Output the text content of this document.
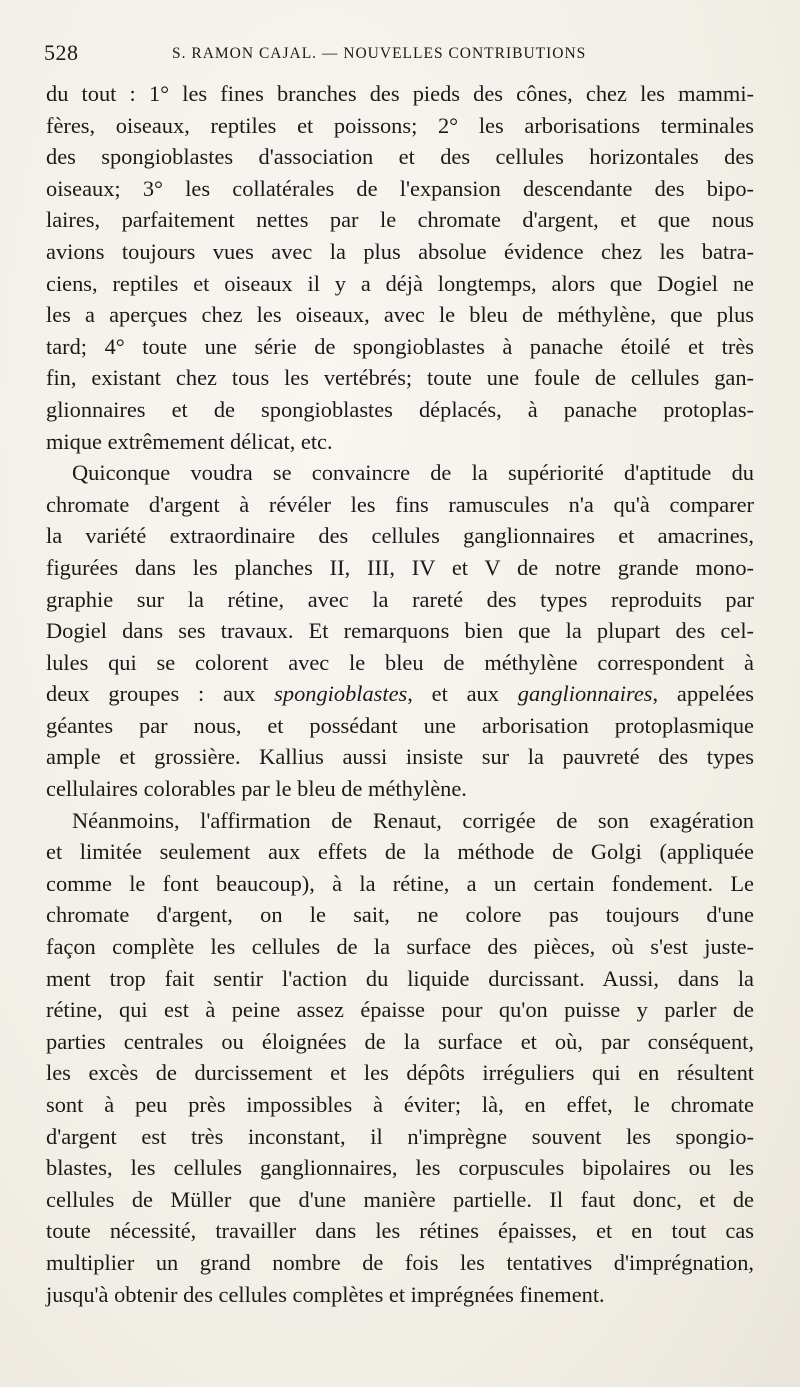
528	S. RAMON CAJAL. — NOUVELLES CONTRIBUTIONS
du tout : 1° les fines branches des pieds des cônes, chez les mammi-
fères, oiseaux, reptiles et poissons; 2° les arborisations terminales
des spongioblastes d'association et des cellules horizontales des
oiseaux; 3° les collatérales de l'expansion descendante des bipo-
laires, parfaitement nettes par le chromate d'argent, et que nous
avions toujours vues avec la plus absolue évidence chez les batra-
ciens, reptiles et oiseaux il y a déjà longtemps, alors que Dogiel ne
les a aperçues chez les oiseaux, avec le bleu de méthylène, que plus
tard; 4° toute une série de spongioblastes à panache étoilé et très
fin, existant chez tous les vertébrés; toute une foule de cellules gan-
glionnaires et de spongioblastes déplacés, à panache protoplas-
mique extrêmement délicat, etc.
Quiconque voudra se convaincre de la supériorité d'aptitude du
chromate d'argent à révéler les fins ramuscules n'a qu'à comparer
la variété extraordinaire des cellules ganglionnaires et amacrines,
figurées dans les planches II, III, IV et V de notre grande mono-
graphie sur la rétine, avec la rareté des types reproduits par
Dogiel dans ses travaux. Et remarquons bien que la plupart des cel-
lules qui se colorent avec le bleu de méthylène correspondent à
deux groupes : aux spongioblastes, et aux ganglionnaires, appelées
géantes par nous, et possédant une arborisation protoplasmique
ample et grossière. Kallius aussi insiste sur la pauvreté des types
cellulaires colorables par le bleu de méthylène.
Néanmoins, l'affirmation de Renaut, corrigée de son exagération
et limitée seulement aux effets de la méthode de Golgi (appliquée
comme le font beaucoup), à la rétine, a un certain fondement. Le
chromate d'argent, on le sait, ne colore pas toujours d'une
façon complète les cellules de la surface des pièces, où s'est juste-
ment trop fait sentir l'action du liquide durcissant. Aussi, dans la
rétine, qui est à peine assez épaisse pour qu'on puisse y parler de
parties centrales ou éloignées de la surface et où, par conséquent,
les excès de durcissement et les dépôts irréguliers qui en résultent
sont à peu près impossibles à éviter; là, en effet, le chromate
d'argent est très inconstant, il n'imprègne souvent les spongio-
blastes, les cellules ganglionnaires, les corpuscules bipolaires ou les
cellules de Müller que d'une manière partielle. Il faut donc, et de
toute nécessité, travailler dans les rétines épaisses, et en tout cas
multiplier un grand nombre de fois les tentatives d'imprégnation,
jusqu'à obtenir des cellules complètes et imprégnées finement.
